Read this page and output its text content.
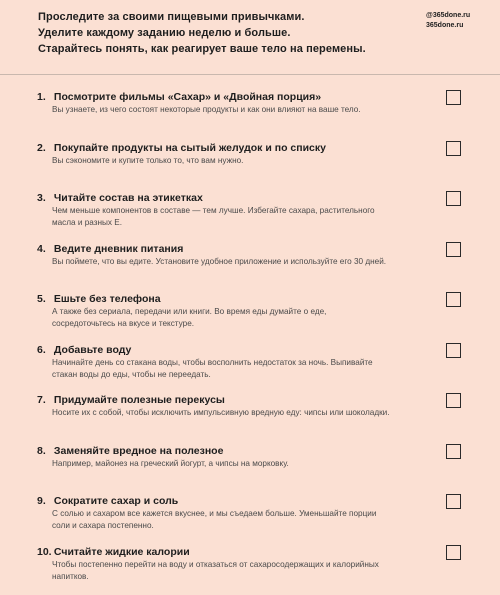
Проследите за своими пищевыми привычками.
Уделите каждому заданию неделю и больше.
Старайтесь понять, как реагирует ваше тело на перемены.
@365done.ru
365done.ru
1. Посмотрите фильмы «Сахар» и «Двойная порция»
Вы узнаете, из чего состоят некоторые продукты и как они влияют на ваше тело.
2. Покупайте продукты на сытый желудок и по списку
Вы сэкономите и купите только то, что вам нужно.
3. Читайте состав на этикетках
Чем меньше компонентов в составе — тем лучше. Избегайте сахара, растительного масла и разных Е.
4. Ведите дневник питания
Вы поймете, что вы едите. Установите удобное приложение и используйте его 30 дней.
5. Ешьте без телефона
А также без сериала, передачи или книги. Во время еды думайте о еде, сосредоточьтесь на вкусе и текстуре.
6. Добавьте воду
Начинайте день со стакана воды, чтобы восполнить недостаток за ночь. Выпивайте стакан воды до еды, чтобы не переедать.
7. Придумайте полезные перекусы
Носите их с собой, чтобы исключить импульсивную вредную еду: чипсы или шоколадки.
8. Заменяйте вредное на полезное
Например, майонез на греческий йогурт, а чипсы на морковку.
9. Сократите сахар и соль
С солью и сахаром все кажется вкуснее, и мы съедаем больше. Уменьшайте порции соли и сахара постепенно.
10. Считайте жидкие калории
Чтобы постепенно перейти на воду и отказаться от сахаросодержащих и калорийных напитков.
